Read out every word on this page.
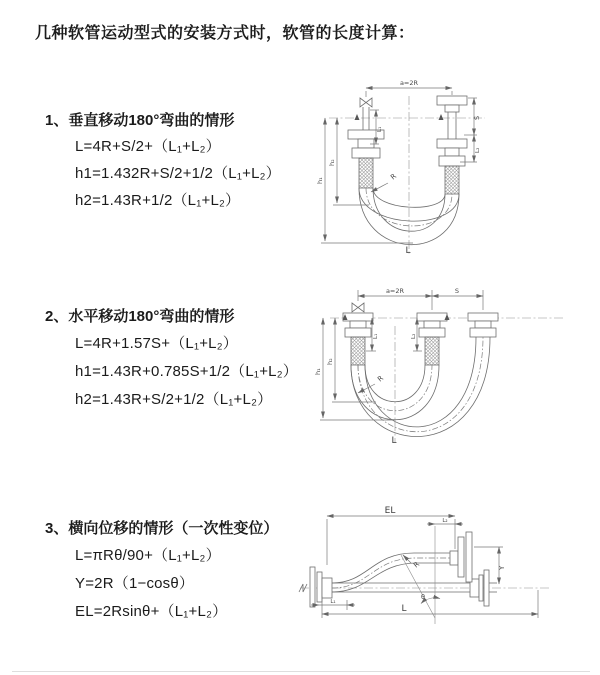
几种软管运动型式的安装方式时，软管的长度计算：
1、垂直移动180°弯曲的情形
L=4R+S/2+（L₁+L₂）
h1=1.432R+S/2+1/2（L₁+L₂）
h2=1.43R+1/2（L₁+L₂）
2、水平移动180°弯曲的情形
L=4R+1.57S+（L₁+L₂）
h1=1.43R+0.785S+1/2（L₁+L₂）
h2=1.43R+S/2+1/2（L₁+L₂）
3、横向位移的情形（一次性变位）
L=πRθ/90+（L₁+L₂）
Y=2R（1−cosθ）
EL=2Rsinθ+（L₁+L₂）
a=2R
h₁
h₂
L₁
S
L₂
R
L
a=2R	S
L₁	L₂
h₁
h₂
R
L
EL
L₂
θ
R	Y
L₁
L
